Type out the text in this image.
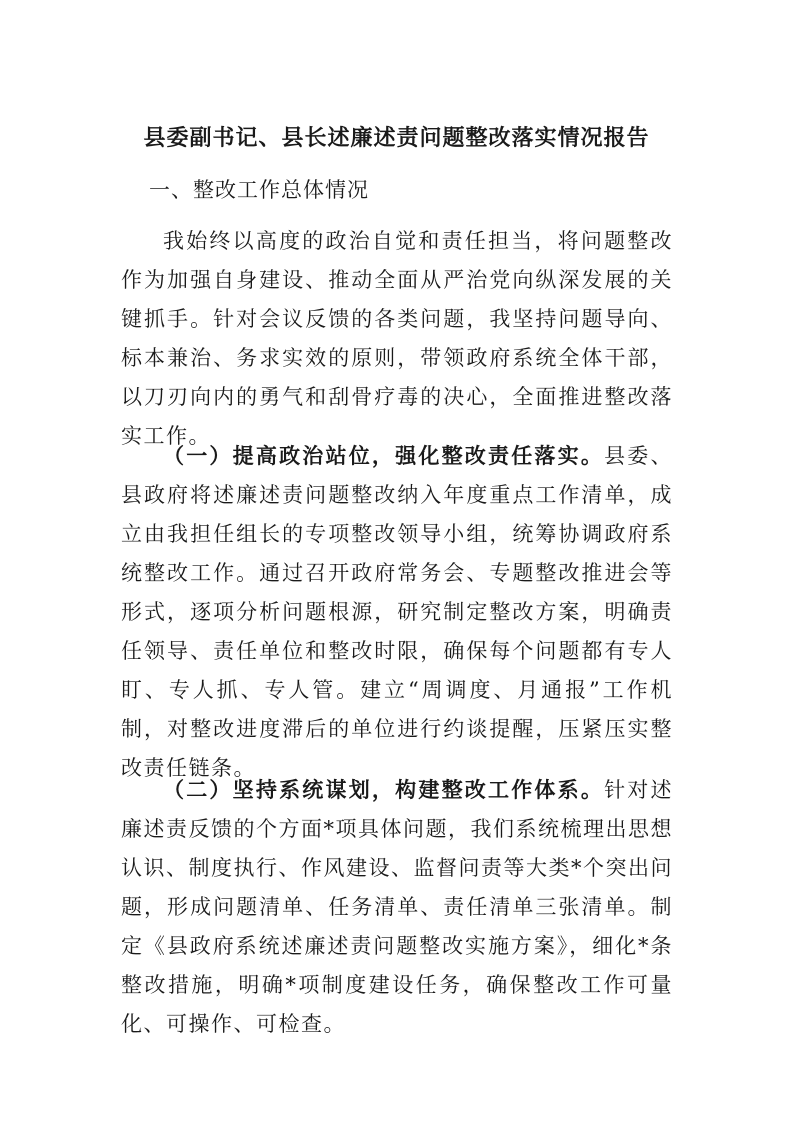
县委副书记、县长述廉述责问题整改落实情况报告
一、整改工作总体情况

我始终以高度的政治自觉和责任担当，将问题整改作为加强自身建设、推动全面从严治党向纵深发展的关键抓手。针对会议反馈的各类问题，我坚持问题导向、标本兼治、务求实效的原则，带领政府系统全体干部，以刀刃向内的勇气和刮骨疗毒的决心，全面推进整改落实工作。

（一）提高政治站位，强化整改责任落实。县委、县政府将述廉述责问题整改纳入年度重点工作清单，成立由我担任组长的专项整改领导小组，统筹协调政府系统整改工作。通过召开政府常务会、专题整改推进会等形式，逐项分析问题根源，研究制定整改方案，明确责任领导、责任单位和整改时限，确保每个问题都有专人盯、专人抓、专人管。建立“周调度、月通报”工作机制，对整改进度滞后的单位进行约谈提醒，压紧压实整改责任链条。

（二）坚持系统谋划，构建整改工作体系。针对述廉述责反馈的个方面*项具体问题，我们系统梳理出思想认识、制度执行、作风建设、监督问责等大类*个突出问题，形成问题清单、任务清单、责任清单三张清单。制定《县政府系统述廉述责问题整改实施方案》，细化*条整改措施，明确*项制度建设任务，确保整改工作可量化、可操作、可检查。
